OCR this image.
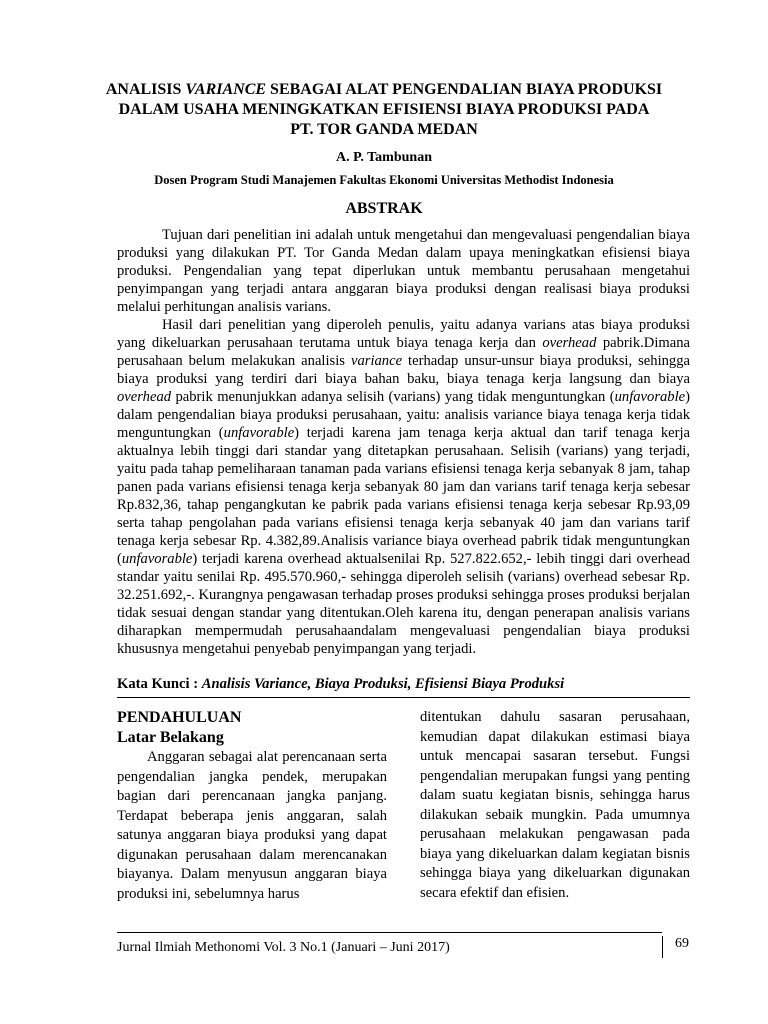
ANALISIS VARIANCE SEBAGAI ALAT PENGENDALIAN BIAYA PRODUKSI
DALAM USAHA MENINGKATKAN EFISIENSI BIAYA PRODUKSI PADA
PT. TOR GANDA MEDAN
A. P. Tambunan
Dosen Program Studi Manajemen Fakultas Ekonomi Universitas Methodist Indonesia
ABSTRAK

Tujuan dari penelitian ini adalah untuk mengetahui dan mengevaluasi pengendalian biaya produksi yang dilakukan PT. Tor Ganda Medan dalam upaya meningkatkan efisiensi biaya produksi. Pengendalian yang tepat diperlukan untuk membantu perusahaan mengetahui penyimpangan yang terjadi antara anggaran biaya produksi dengan realisasi biaya produksi melalui perhitungan analisis varians.

Hasil dari penelitian yang diperoleh penulis, yaitu adanya varians atas biaya produksi yang dikeluarkan perusahaan terutama untuk biaya tenaga kerja dan overhead pabrik.Dimana perusahaan belum melakukan analisis variance terhadap unsur-unsur biaya produksi, sehingga biaya produksi yang terdiri dari biaya bahan baku, biaya tenaga kerja langsung dan biaya overhead pabrik menunjukkan adanya selisih (varians) yang tidak menguntungkan (unfavorable) dalam pengendalian biaya produksi perusahaan, yaitu: analisis variance biaya tenaga kerja tidak menguntungkan (unfavorable) terjadi karena jam tenaga kerja aktual dan tarif tenaga kerja aktualnya lebih tinggi dari standar yang ditetapkan perusahaan. Selisih (varians) yang terjadi, yaitu pada tahap pemeliharaan tanaman pada varians efisiensi tenaga kerja sebanyak 8 jam, tahap panen pada varians efisiensi tenaga kerja sebanyak 80 jam dan varians tarif tenaga kerja sebesar Rp.832,36, tahap pengangkutan ke pabrik pada varians efisiensi tenaga kerja sebesar Rp.93,09 serta tahap pengolahan pada varians efisiensi tenaga kerja sebanyak 40 jam dan varians tarif tenaga kerja sebesar Rp. 4.382,89.Analisis variance biaya overhead pabrik tidak menguntungkan (unfavorable) terjadi karena overhead aktualsenilai Rp. 527.822.652,- lebih tinggi dari overhead standar yaitu senilai Rp. 495.570.960,- sehingga diperoleh selisih (varians) overhead sebesar Rp. 32.251.692,-. Kurangnya pengawasan terhadap proses produksi sehingga proses produksi berjalan tidak sesuai dengan standar yang ditentukan.Oleh karena itu, dengan penerapan analisis varians diharapkan mempermudah perusahaandalam mengevaluasi pengendalian biaya produksi khususnya mengetahui penyebab penyimpangan yang terjadi.

Kata Kunci : Analisis Variance, Biaya Produksi, Efisiensi Biaya Produksi
PENDAHULUAN
Latar Belakang

Anggaran sebagai alat perencanaan serta pengendalian jangka pendek, merupakan bagian dari perencanaan jangka panjang. Terdapat beberapa jenis anggaran, salah satunya anggaran biaya produksi yang dapat digunakan perusahaan dalam merencanakan biayanya. Dalam menyusun anggaran biaya produksi ini, sebelumnya harus

ditentukan dahulu sasaran perusahaan, kemudian dapat dilakukan estimasi biaya untuk mencapai sasaran tersebut. Fungsi pengendalian merupakan fungsi yang penting dalam suatu kegiatan bisnis, sehingga harus dilakukan sebaik mungkin. Pada umumnya perusahaan melakukan pengawasan pada biaya yang dikeluarkan dalam kegiatan bisnis sehingga biaya yang dikeluarkan digunakan secara efektif dan efisien.

Jurnal Ilmiah Methonomi Vol. 3 No.1 (Januari – Juni 2017)	69
